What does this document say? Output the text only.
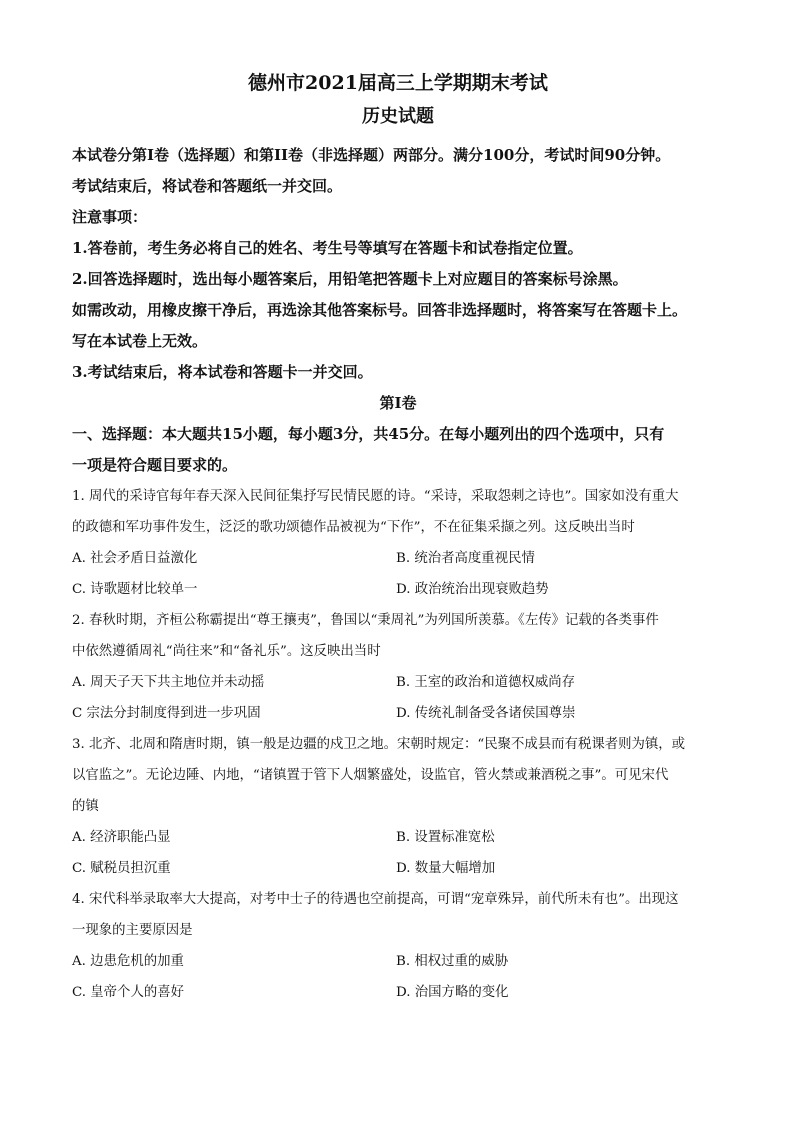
德州市2021届高三上学期期末考试
历史试题

本试卷分第I卷（选择题）和第II卷（非选择题）两部分。满分100分，考试时间90分钟。

考试结束后，将试卷和答题纸一并交回。

注意事项：

1.答卷前，考生务必将自己的姓名、考生号等填写在答题卡和试卷指定位置。

2.回答选择题时，选出每小题答案后，用铅笔把答题卡上对应题目的答案标号涂黑。

如需改动，用橡皮擦干净后，再选涂其他答案标号。回答非选择题时，将答案写在答题卡上。

写在本试卷上无效。

3.考试结束后，将本试卷和答题卡一并交回。

第I卷

一、选择题：本大题共15小题，每小题3分，共45分。在每小题列出的四个选项中，只有

一项是符合题目要求的。

1. 周代的采诗官每年春天深入民间征集抒写民情民愿的诗。“采诗，采取怨刺之诗也”。国家如没有重大

的政德和军功事件发生，泛泛的歌功颂德作品被视为“下作”，不在征集采撷之列。这反映出当时

A. 社会矛盾日益激化	B. 统治者高度重视民情
C. 诗歌题材比较单一	D. 政治统治出现衰败趋势

2. 春秋时期，齐桓公称霸提出“尊王攘夷”，鲁国以“秉周礼”为列国所羡慕。《左传》记载的各类事件

中依然遵循周礼“尚往来”和“备礼乐”。这反映出当时

A. 周天子天下共主地位并未动摇	B. 王室的政治和道德权威尚存
C 宗法分封制度得到进一步巩固	D. 传统礼制备受各诸侯国尊崇

3. 北齐、北周和隋唐时期，镇一般是边疆的戍卫之地。宋朝时规定：“民聚不成县而有税课者则为镇，或

以官监之”。无论边陲、内地，“诸镇置于管下人烟繁盛处，设监官，管火禁或兼酒税之事”。可见宋代

的镇

A. 经济职能凸显	B. 设置标准宽松
C. 赋税员担沉重	D. 数量大幅增加

4. 宋代科举录取率大大提高，对考中士子的待遇也空前提高，可谓“宠章殊异，前代所未有也”。出现这

一现象的主要原因是

A. 边患危机的加重	B. 相权过重的威胁
C. 皇帝个人的喜好	D. 治国方略的变化
